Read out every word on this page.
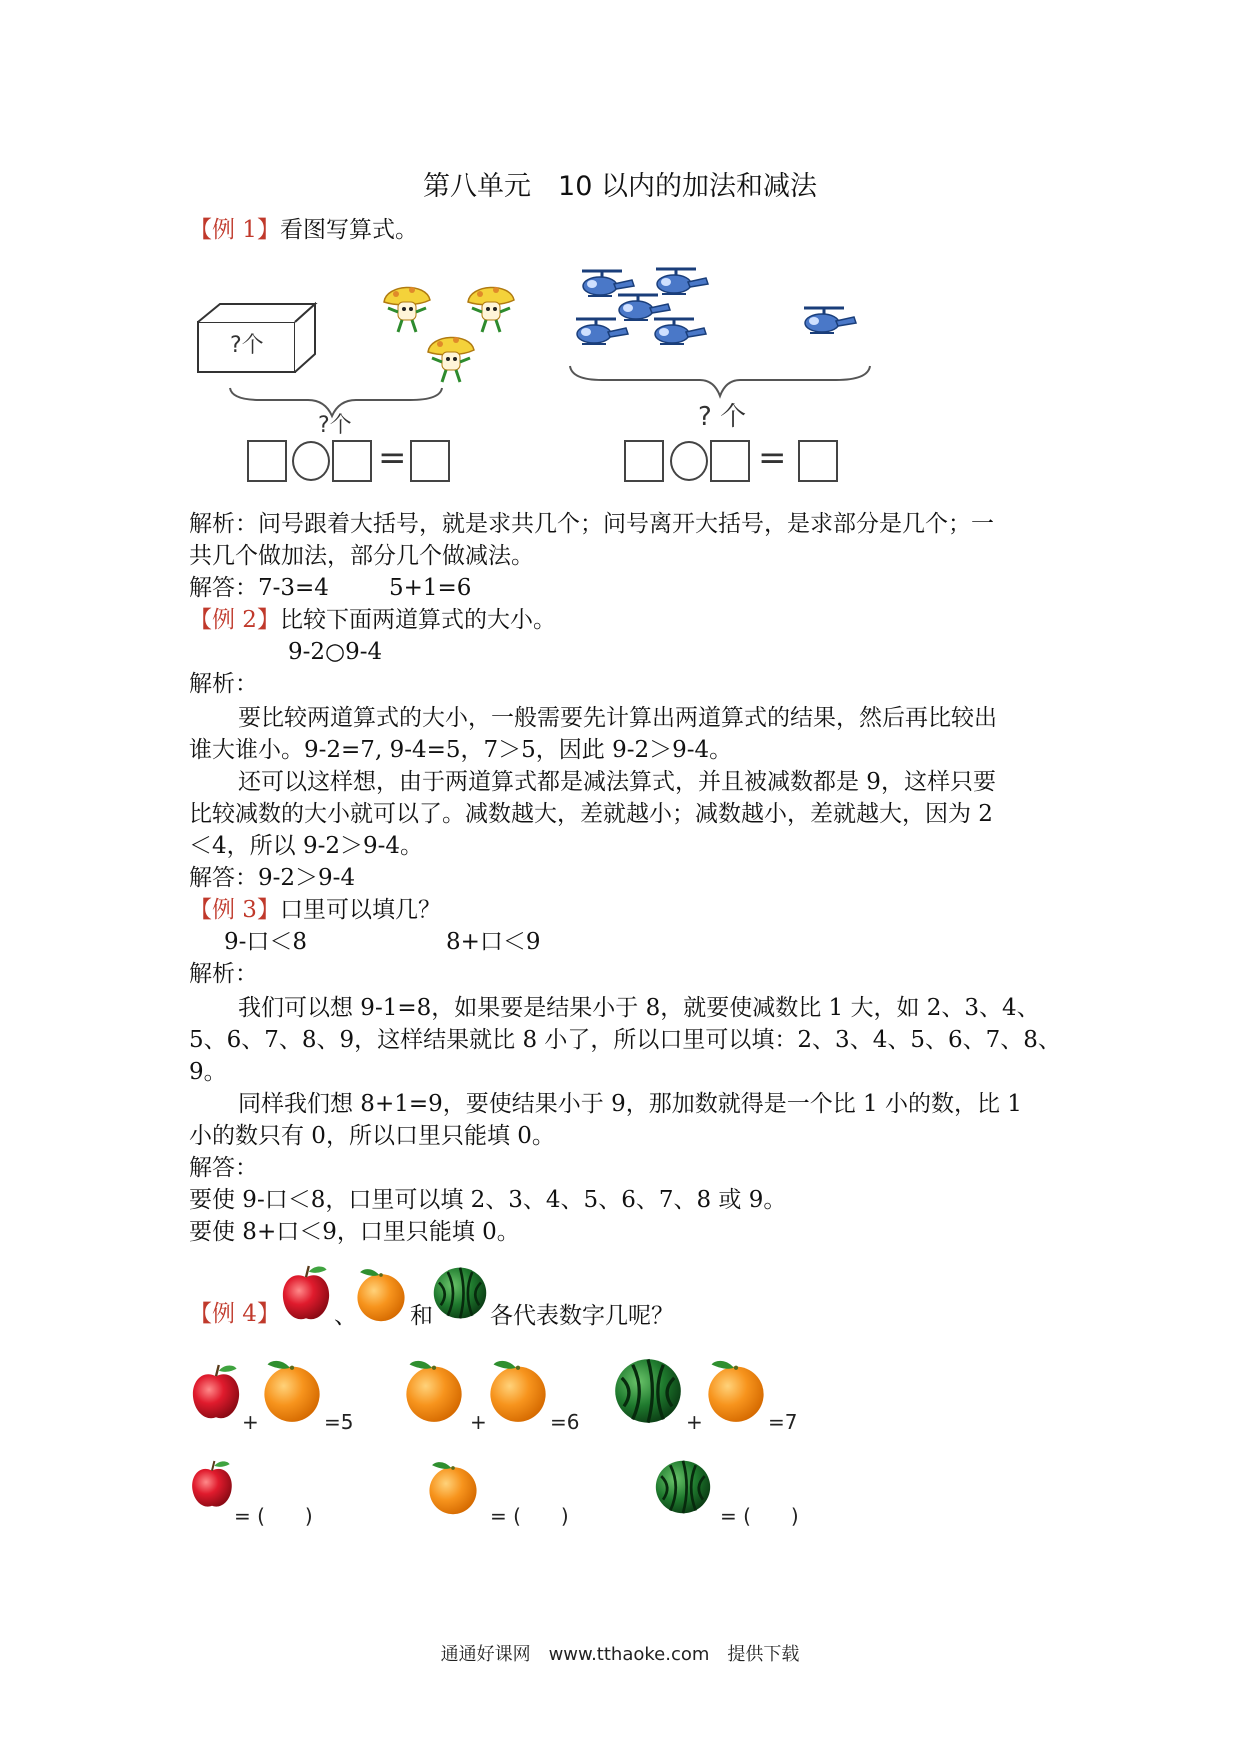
第八单元　10 以内的加法和减法
【例 1】看图写算式。
?个
?个
=
? 个
=
解析：问号跟着大括号，就是求共几个；问号离开大括号，是求部分是几个；一
共几个做加法，部分几个做减法。
解答：7-3=4	5+1=6
【例 2】比较下面两道算式的大小。
9-2○9-4
解析：
要比较两道算式的大小，一般需要先计算出两道算式的结果，然后再比较出
谁大谁小。9-2=7, 9-4=5，7＞5，因此 9-2＞9-4。
还可以这样想，由于两道算式都是减法算式，并且被减数都是 9，这样只要
比较减数的大小就可以了。减数越大，差就越小；减数越小，差就越大，因为 2
＜4，所以 9-2＞9-4。
解答：9-2＞9-4
【例 3】口里可以填几？
9-口＜8	8+口＜9
解析：
我们可以想 9-1=8，如果要是结果小于 8，就要使减数比 1 大，如 2、3、4、
5、6、7、8、9，这样结果就比 8 小了，所以口里可以填：2、3、4、5、6、7、8、
9。
同样我们想 8+1=9，要使结果小于 9，那加数就得是一个比 1 小的数，比 1
小的数只有 0，所以口里只能填 0。
解答：
要使 9-口＜8，口里可以填 2、3、4、5、6、7、8 或 9。
要使 8+口＜9，口里只能填 0。
【例 4】 、 和 各代表数字几呢？
+	=5	+	=6	+	=7
= (　　)	= (　　)	= (　　)
通通好课网　www.tthaoke.com　提供下载
